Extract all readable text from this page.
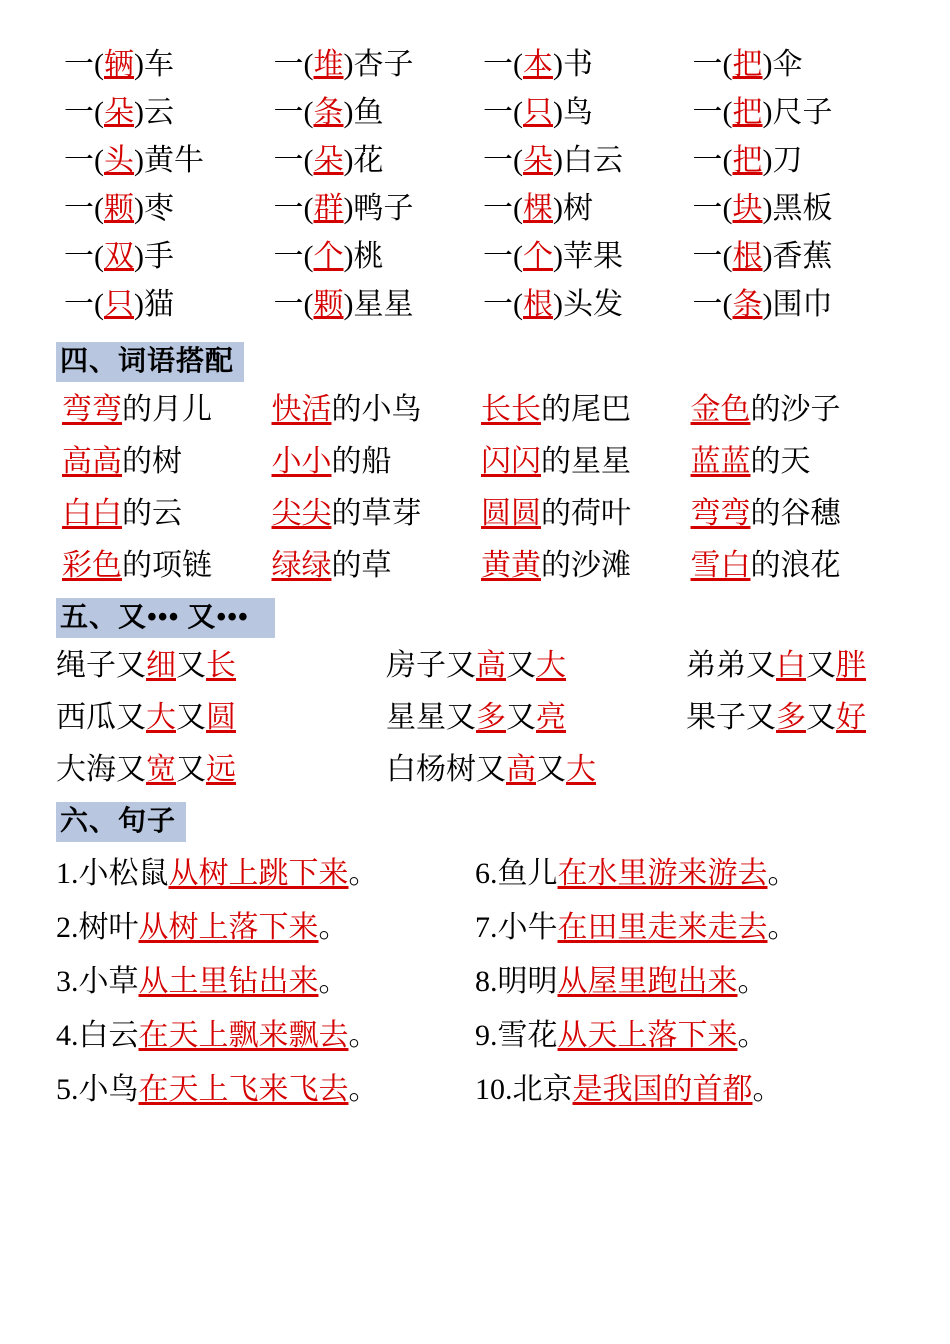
一(辆)车	一(堆)杏子	一(本)书	一(把)伞
一(朵)云	一(条)鱼	一(只)鸟	一(把)尺子
一(头)黄牛	一(朵)花	一(朵)白云	一(把)刀
一(颗)枣	一(群)鸭子	一(棵)树	一(块)黑板
一(双)手	一(个)桃	一(个)苹果	一(根)香蕉
一(只)猫	一(颗)星星	一(根)头发	一(条)围巾
四、词语搭配
弯弯的月儿	快活的小鸟	长长的尾巴	金色的沙子
高高的树	小小的船	闪闪的星星	蓝蓝的天
白白的云	尖尖的草芽	圆圆的荷叶	弯弯的谷穗
彩色的项链	绿绿的草	黄黄的沙滩	雪白的浪花
五、又••• 又•••
绳子又细又长	房子又高又大	弟弟又白又胖
西瓜又大又圆	星星又多又亮	果子又多又好
大海又宽又远	白杨树又高又大
六、句子
1.小松鼠从树上跳下来。	6.鱼儿在水里游来游去。
2.树叶从树上落下来。	7.小牛在田里走来走去。
3.小草从土里钻出来。	8.明明从屋里跑出来。
4.白云在天上飘来飘去。	9.雪花从天上落下来。
5.小鸟在天上飞来飞去。	10.北京是我国的首都。
